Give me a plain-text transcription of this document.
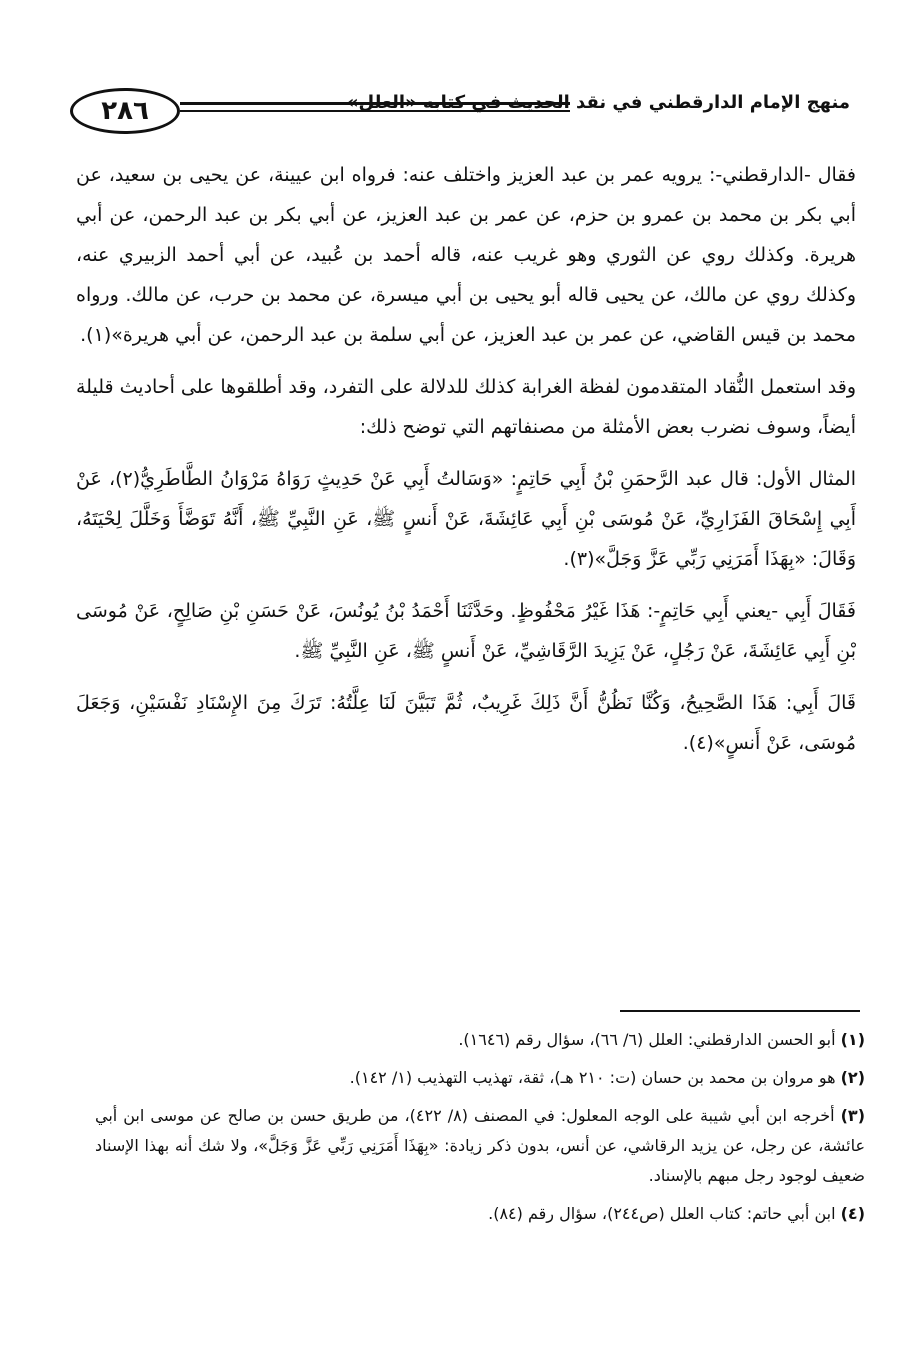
٢٨٦	منهج الإمام الدارقطني في نقد الحديث في كتابه «العلل»

فقال -الدارقطني-: يرويه عمر بن عبد العزيز واختلف عنه: فرواه ابن عيينة، عن يحيى بن سعيد، عن أبي بكر بن محمد بن عمرو بن حزم، عن عمر بن عبد العزيز، عن أبي بكر بن عبد الرحمن، عن أبي هريرة. وكذلك روي عن الثوري وهو غريب عنه، قاله أحمد بن عُبيد، عن أبي أحمد الزبيري عنه، وكذلك روي عن مالك، عن يحيى قاله أبو يحيى بن أبي ميسرة، عن محمد بن حرب، عن مالك. ورواه محمد بن قيس القاضي، عن عمر بن عبد العزيز، عن أبي سلمة بن عبد الرحمن، عن أبي هريرة»(١).

وقد استعمل النُّقاد المتقدمون لفظة الغرابة كذلك للدلالة على التفرد، وقد أطلقوها على أحاديث قليلة أيضاً، وسوف نضرب بعض الأمثلة من مصنفاتهم التي توضح ذلك:

المثال الأول: قال عبد الرَّحمَنِ بْنُ أَبِي حَاتِمٍ: «وَسَالتُ أَبِي عَنْ حَدِيثٍ رَوَاهُ مَرْوَانُ الطَّاطَرِيُّ(٢)، عَنْ أَبِي إِسْحَاقَ الفَزَارِيِّ، عَنْ مُوسَى بْنِ أَبِي عَائِشَةَ، عَنْ أَنسٍ ﷺ، عَنِ النَّبِيِّ ﷺ، أَنَّهُ تَوَضَّأَ وَخَلَّلَ لِحْيَتَهُ، وَقَالَ: «بِهَذَا أَمَرَنِي رَبِّي عَزَّ وَجَلَّ»(٣).

فَقَالَ أَبِي -يعني أَبِي حَاتِمٍ-: هَذَا غَيْرُ مَحْفُوظٍ. وحَدَّثَنَا أَحْمَدُ بْنُ يُونُسَ، عَنْ حَسَنِ بْنِ صَالِحٍ، عَنْ مُوسَى بْنِ أَبِي عَائِشَةَ، عَنْ رَجُلٍ، عَنْ يَزِيدَ الرَّقَاشِيِّ، عَنْ أَنسٍ ﷺ، عَنِ النَّبِيِّ ﷺ.

قَالَ أَبِي: هَذَا الصَّحِيحُ، وَكُنَّا نَظُنُّ أَنَّ ذَلِكَ غَرِيبٌ، ثُمَّ تَبَيَّنَ لَنَا عِلَّتُهُ: تَرَكَ مِنَ الإِسْنَادِ نَفْسَيْنِ، وَجَعَلَ مُوسَى، عَنْ أَنسٍ»(٤).

(١) أبو الحسن الدارقطني: العلل (٦/ ٦٦)، سؤال رقم (١٦٤٦).
(٢) هو مروان بن محمد بن حسان (ت: ٢١٠ هـ)، ثقة، تهذيب التهذيب (١/ ١٤٢).
(٣) أخرجه ابن أبي شيبة على الوجه المعلول: في المصنف (٨/ ٤٢٢)، من طريق حسن بن صالح عن موسى ابن أبي عائشة، عن رجل، عن يزيد الرقاشي، عن أنس، بدون ذكر زيادة: «بِهَذَا أَمَرَنِي رَبِّي عَزَّ وَجَلَّ»، ولا شك أنه بهذا الإسناد ضعيف لوجود رجل مبهم بالإسناد.
(٤) ابن أبي حاتم: كتاب العلل (ص٢٤٤)، سؤال رقم (٨٤).
